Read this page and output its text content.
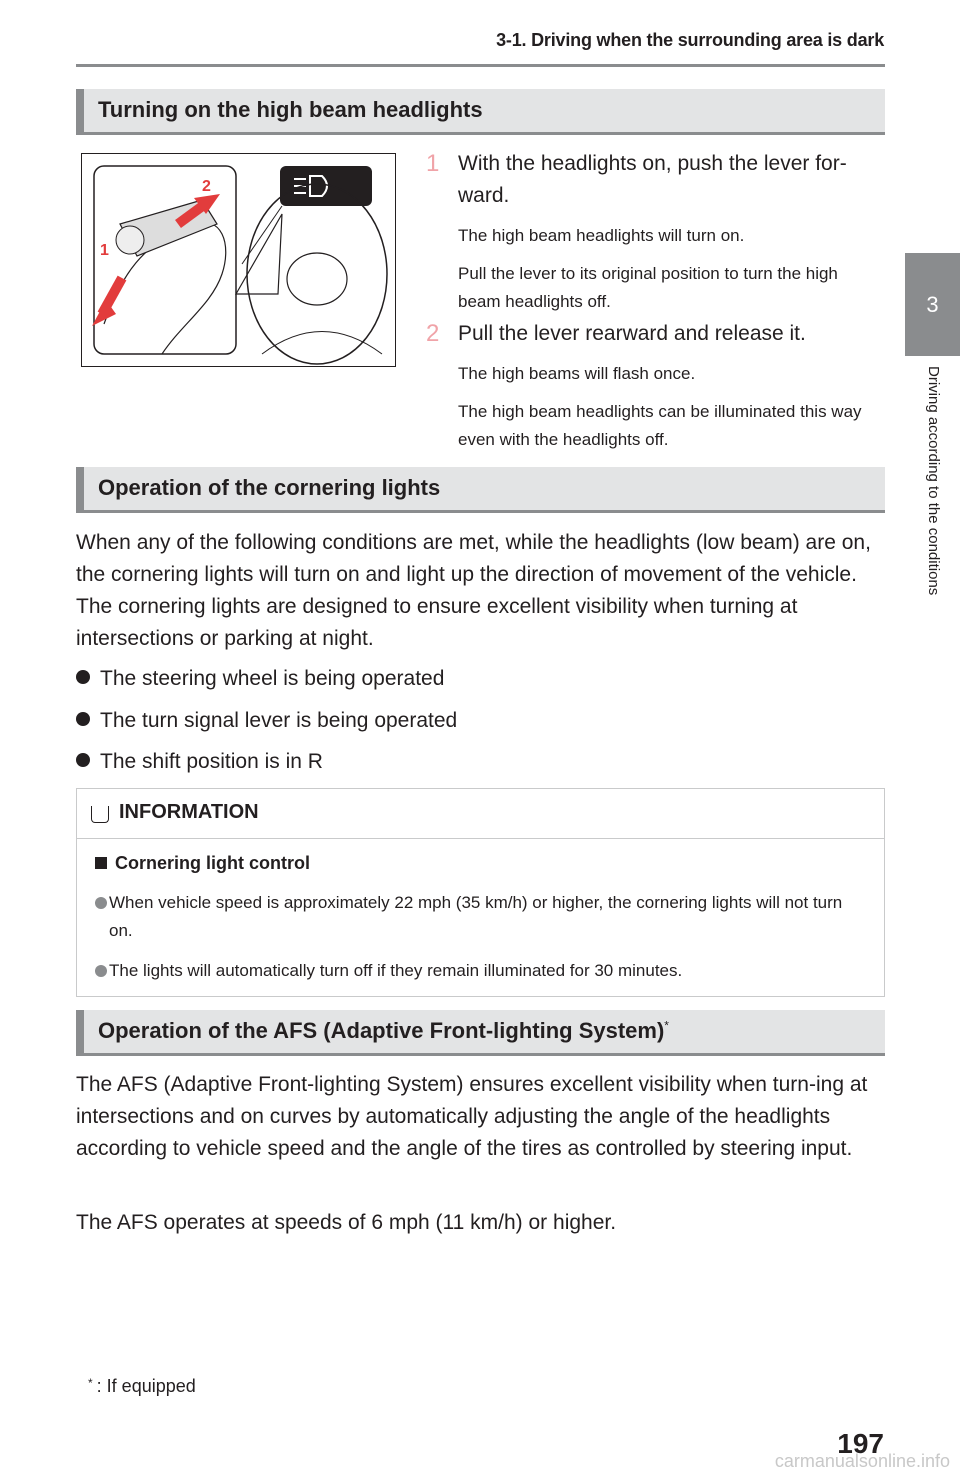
3-1. Driving when the surrounding area is dark
3
Driving according to the conditions
Turning on the high beam headlights
1
2
1 With the headlights on, push the lever for-ward.
The high beam headlights will turn on.
Pull the lever to its original position to turn the high beam headlights off.
2 Pull the lever rearward and release it.
The high beams will flash once.
The high beam headlights can be illuminated this way even with the headlights off.
Operation of the cornering lights
When any of the following conditions are met, while the headlights (low beam) are on, the cornering lights will turn on and light up the direction of movement of the vehicle. The cornering lights are designed to ensure excellent visibility when turning at intersections or parking at night.
The steering wheel is being operated
The turn signal lever is being operated
The shift position is in R
INFORMATION
Cornering light control
When vehicle speed is approximately 22 mph (35 km/h) or higher, the cornering lights will not turn on.
The lights will automatically turn off if they remain illuminated for 30 minutes.
Operation of the AFS (Adaptive Front-lighting System)*
The AFS (Adaptive Front-lighting System) ensures excellent visibility when turn-ing at intersections and on curves by automatically adjusting the angle of the headlights according to vehicle speed and the angle of the tires as controlled by steering input.
The AFS operates at speeds of 6 mph (11 km/h) or higher.
* : If equipped
197
carmanualsonline.info
